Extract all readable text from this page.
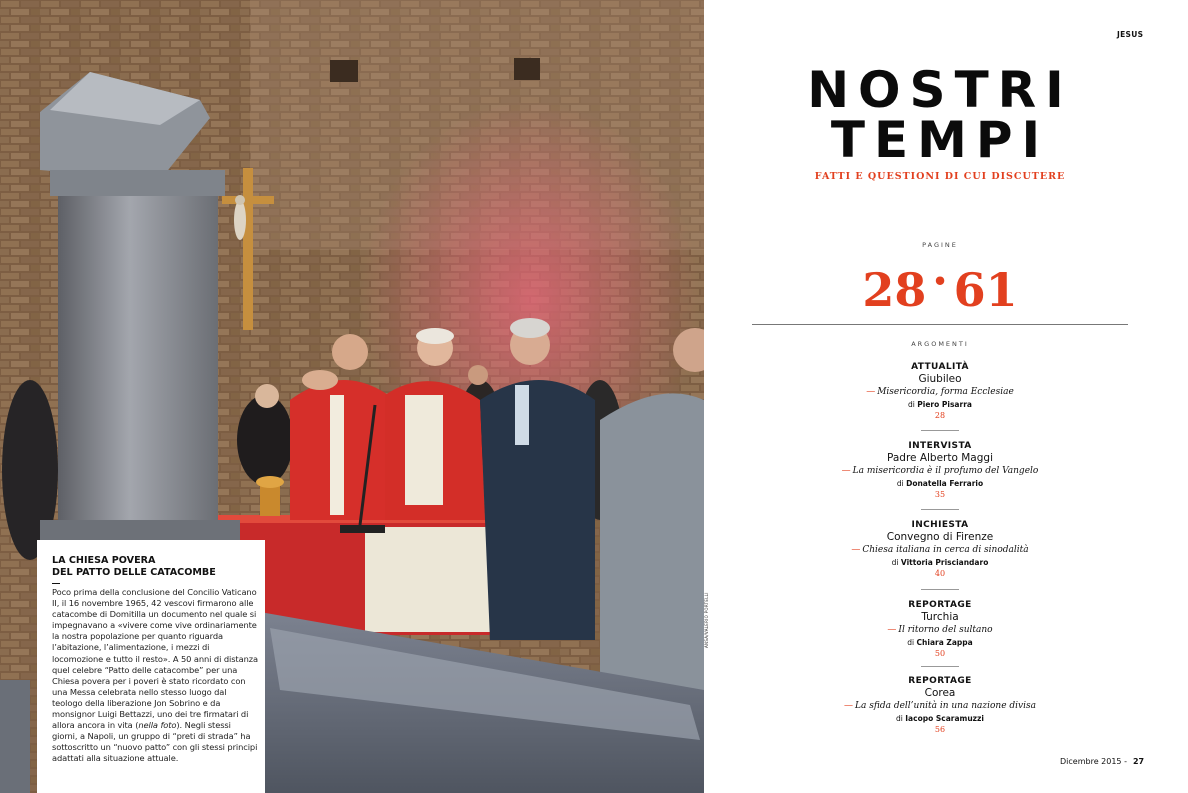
LA CHIESA POVERA
DEL PATTO DELLE CATACOMBE
Poco prima della conclusione del Concilio Vaticano II, il 16 novembre 1965, 42 vescovi firmarono alle catacombe di Domitilla un documento nel quale si impegnavano a «vivere come vive ordinariamente la nostra popolazione per quanto riguarda l’abitazione, l’alimentazione, i mezzi di locomozione e tutto il resto». A 50 anni di distanza quel celebre “Patto delle catacombe” per una Chiesa povera per i poveri è stato ricordato con una Messa celebrata nello stesso luogo dal teologo della liberazione Jon Sobrino e da monsignor Luigi Bettazzi, uno dei tre firmatari di allora ancora in vita (nella foto). Negli stessi giorni, a Napoli, un gruppo di “preti di strada” ha sottoscritto un “nuovo patto” con gli stessi principi adattati alla situazione attuale.
ANSA/VALERIO PORTELLI
JESUS
NOSTRI
TEMPI
FATTI E QUESTIONI DI CUI DISCUTERE
PAGINE
28 • 61
ARGOMENTI
ATTUALITÀ
Giubileo
— Misericordia, forma Ecclesiae
di Piero Pisarra
28
INTERVISTA
Padre Alberto Maggi
— La misericordia è il profumo del Vangelo
di Donatella Ferrario
35
INCHIESTA
Convegno di Firenze
— Chiesa italiana in cerca di sinodalità
di Vittoria Prisciandaro
40
REPORTAGE
Turchia
— Il ritorno del sultano
di Chiara Zappa
50
REPORTAGE
Corea
— La sfida dell’unità in una nazione divisa
di Iacopo Scaramuzzi
56
Dicembre 2015 - 27
